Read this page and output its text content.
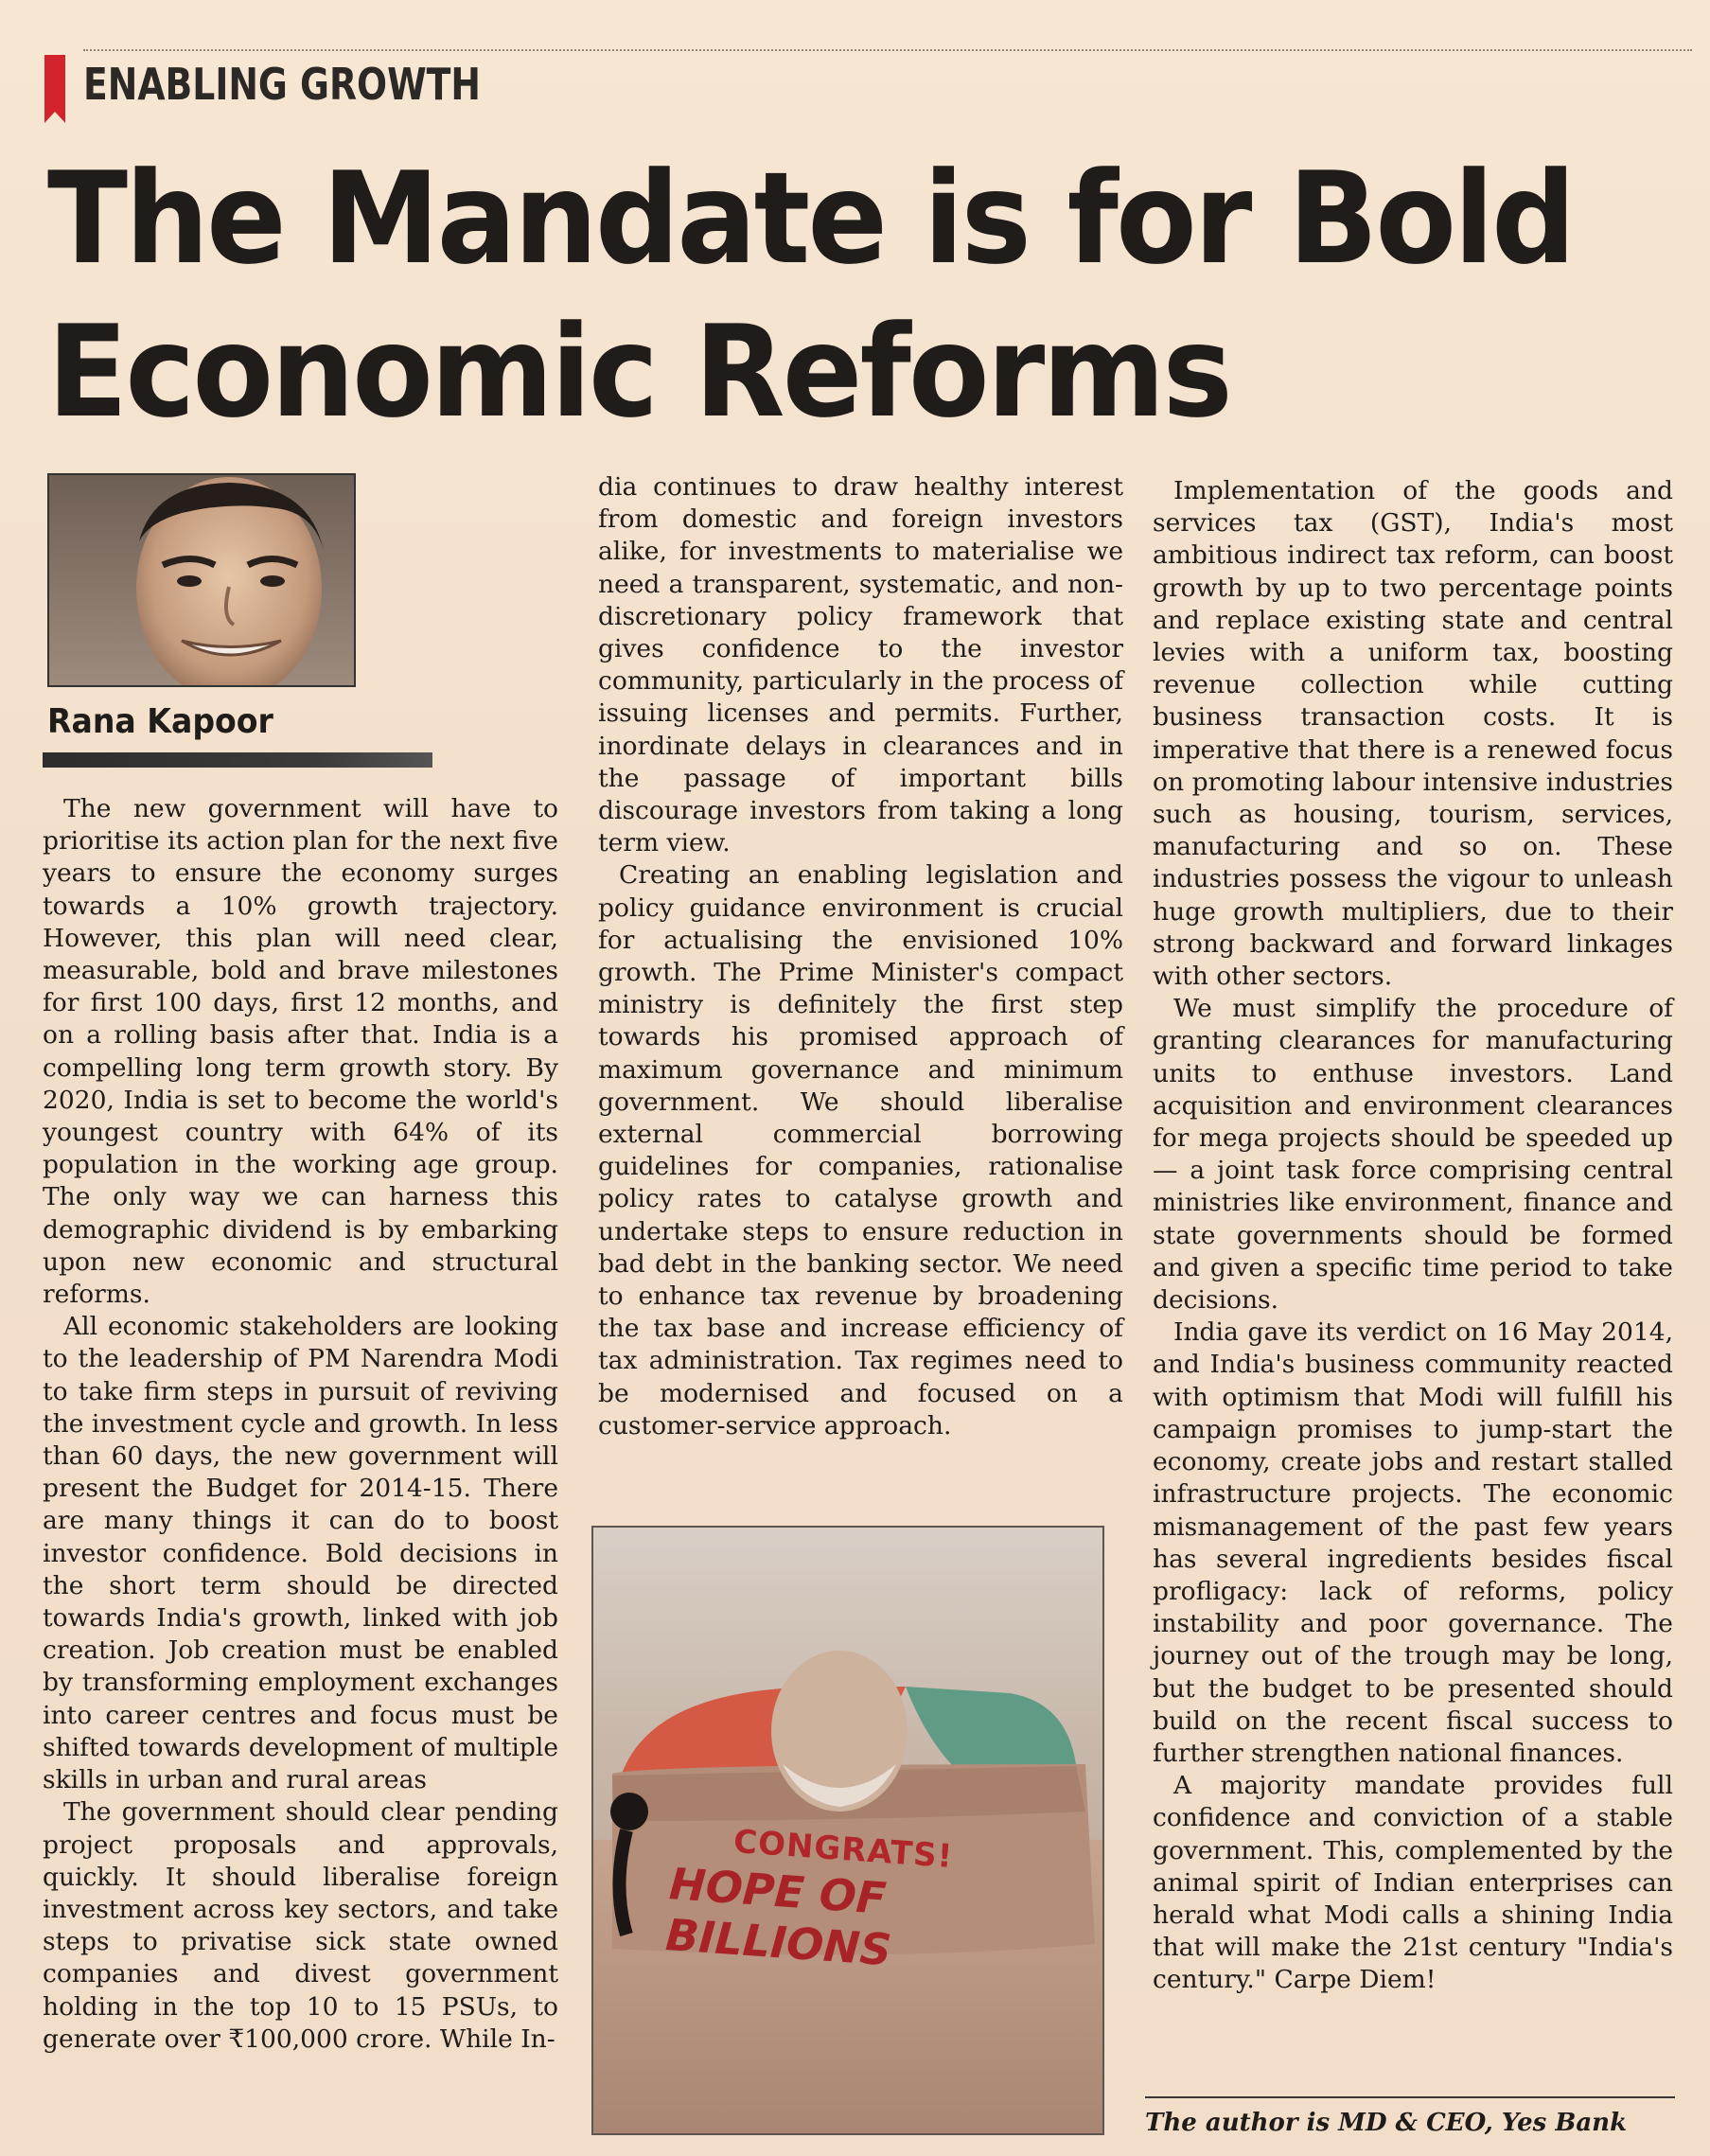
ENABLING GROWTH
The Mandate is for Bold
Economic Reforms
Rana Kapoor

The new government will have to prioritise its action plan for the next five years to ensure the economy surges towards a 10% growth trajectory. However, this plan will need clear, measurable, bold and brave milestones for first 100 days, first 12 months, and on a rolling basis after that. India is a compelling long term growth story. By 2020, India is set to become the world's youngest country with 64% of its population in the working age group. The only way we can harness this demographic dividend is by embarking upon new economic and structural reforms.

All economic stakeholders are looking to the leadership of PM Narendra Modi to take firm steps in pursuit of reviving the investment cycle and growth. In less than 60 days, the new government will present the Budget for 2014-15. There are many things it can do to boost investor confidence. Bold decisions in the short term should be directed towards India's growth, linked with job creation. Job creation must be enabled by transforming employment exchanges into career centres and focus must be shifted towards development of multiple skills in urban and rural areas

The government should clear pending project proposals and approvals, quickly. It should liberalise foreign investment across key sectors, and take steps to privatise sick state owned companies and divest government holding in the top 10 to 15 PSUs, to generate over ₹100,000 crore. While In-

dia continues to draw healthy interest from domestic and foreign investors alike, for investments to materialise we need a transparent, systematic, and non-discretionary policy framework that gives confidence to the investor community, particularly in the process of issuing licenses and permits. Further, inordinate delays in clearances and in the passage of important bills discourage investors from taking a long term view.

Creating an enabling legislation and policy guidance environment is crucial for actualising the envisioned 10% growth. The Prime Minister's compact ministry is definitely the first step towards his promised approach of maximum governance and minimum government. We should liberalise external commercial borrowing guidelines for companies, rationalise policy rates to catalyse growth and undertake steps to ensure reduction in bad debt in the banking sector. We need to enhance tax revenue by broadening the tax base and increase efficiency of tax administration. Tax regimes need to be modernised and focused on a customer-service approach.

CONGRATS!
HOPE OF BILLIONS

Implementation of the goods and services tax (GST), India's most ambitious indirect tax reform, can boost growth by up to two percentage points and replace existing state and central levies with a uniform tax, boosting revenue collection while cutting business transaction costs. It is imperative that there is a renewed focus on promoting labour intensive industries such as housing, tourism, services, manufacturing and so on. These industries possess the vigour to unleash huge growth multipliers, due to their strong backward and forward linkages with other sectors.

We must simplify the procedure of granting clearances for manufacturing units to enthuse investors. Land acquisition and environment clearances for mega projects should be speeded up — a joint task force comprising central ministries like environment, finance and state governments should be formed and given a specific time period to take decisions.

India gave its verdict on 16 May 2014, and India's business community reacted with optimism that Modi will fulfill his campaign promises to jump-start the economy, create jobs and restart stalled infrastructure projects. The economic mismanagement of the past few years has several ingredients besides fiscal profligacy: lack of reforms, policy instability and poor governance. The journey out of the trough may be long, but the budget to be presented should build on the recent fiscal success to further strengthen national finances.

A majority mandate provides full confidence and conviction of a stable government. This, complemented by the animal spirit of Indian enterprises can herald what Modi calls a shining India that will make the 21st century "India's century." Carpe Diem!

The author is MD & CEO, Yes Bank
